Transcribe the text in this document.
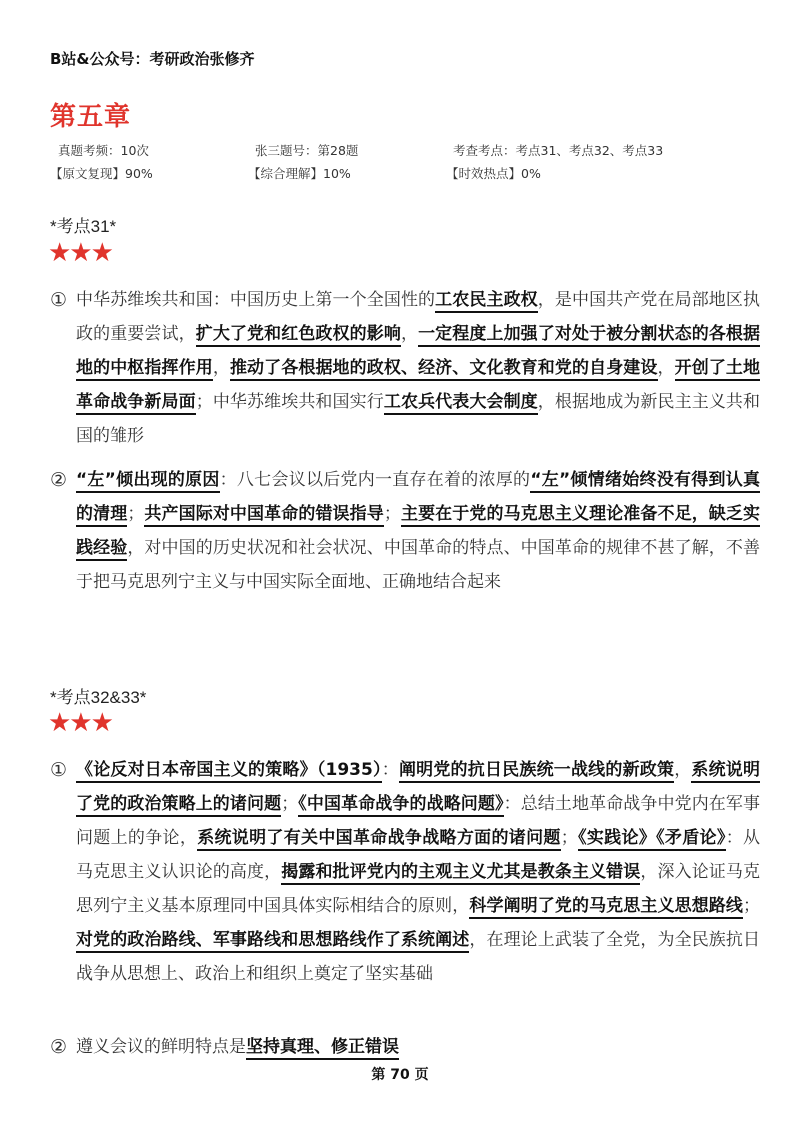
B站&公众号：考研政治张修齐
第五章
真题考频：10次	张三题号：第28题	考查考点：考点31、考点32、考点33
【原文复现】90%	【综合理解】10%	【时效热点】0%
*考点31*
★★★
① 中华苏维埃共和国：中国历史上第一个全国性的工农民主政权，是中国共产党在局部地区执政的重要尝试，扩大了党和红色政权的影响，一定程度上加强了对处于被分割状态的各根据地的中枢指挥作用，推动了各根据地的政权、经济、文化教育和党的自身建设，开创了土地革命战争新局面；中华苏维埃共和国实行工农兵代表大会制度，根据地成为新民主主义共和国的雏形
② “左”倾出现的原因：八七会议以后党内一直存在着的浓厚的“左”倾情绪始终没有得到认真的清理；共产国际对中国革命的错误指导；主要在于党的马克思主义理论准备不足，缺乏实践经验，对中国的历史状况和社会状况、中国革命的特点、中国革命的规律不甚了解，不善于把马克思列宁主义与中国实际全面地、正确地结合起来
*考点32&33*
★★★
① 《论反对日本帝国主义的策略》（1935）：阐明党的抗日民族统一战线的新政策，系统说明了党的政治策略上的诸问题；《中国革命战争的战略问题》：总结土地革命战争中党内在军事问题上的争论，系统说明了有关中国革命战争战略方面的诸问题；《实践论》《矛盾论》：从马克思主义认识论的高度，揭露和批评党内的主观主义尤其是教条主义错误，深入论证马克思列宁主义基本原理同中国具体实际相结合的原则，科学阐明了党的马克思主义思想路线；对党的政治路线、军事路线和思想路线作了系统阐述，在理论上武装了全党，为全民族抗日战争从思想上、政治上和组织上奠定了坚实基础
② 遵义会议的鲜明特点是坚持真理、修正错误
第 70 页
